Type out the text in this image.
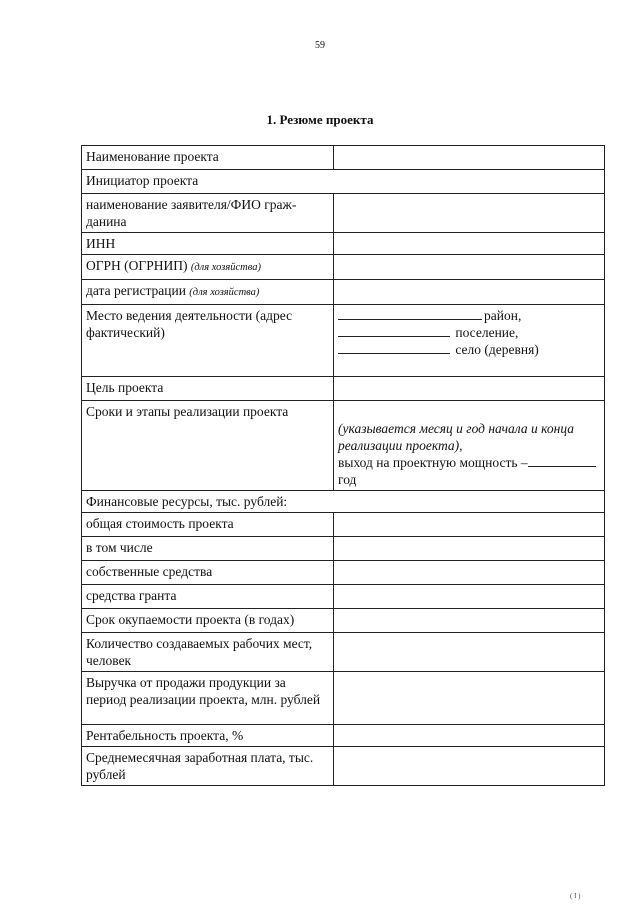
59
1. Резюме проекта
Наименование проекта	
Инициатор проекта	
наименование заявителя/ФИО граж-
данина	
ИНН	
ОГРН (ОГРНИП) (для хозяйства)	
дата регистрации (для хозяйства)	
Место ведения деятельности (адрес фактический)	район,
поселение,
село (деревня)

Цель проекта	
Сроки и этапы реализации проекта	(указывается месяц и год начала и конца реализации проекта),
выход на проектную мощность –
год

Финансовые ресурсы, тыс. рублей:	
общая стоимость проекта	
в том числе	
собственные средства	
средства гранта	
Срок окупаемости проекта (в годах)	
Количество создаваемых рабочих мест, человек	
Выручка от продажи продукции за период реализации проекта, млн. рублей	
Рентабельность проекта, %	
Среднемесячная заработная плата, тыс. рублей	
( I )
